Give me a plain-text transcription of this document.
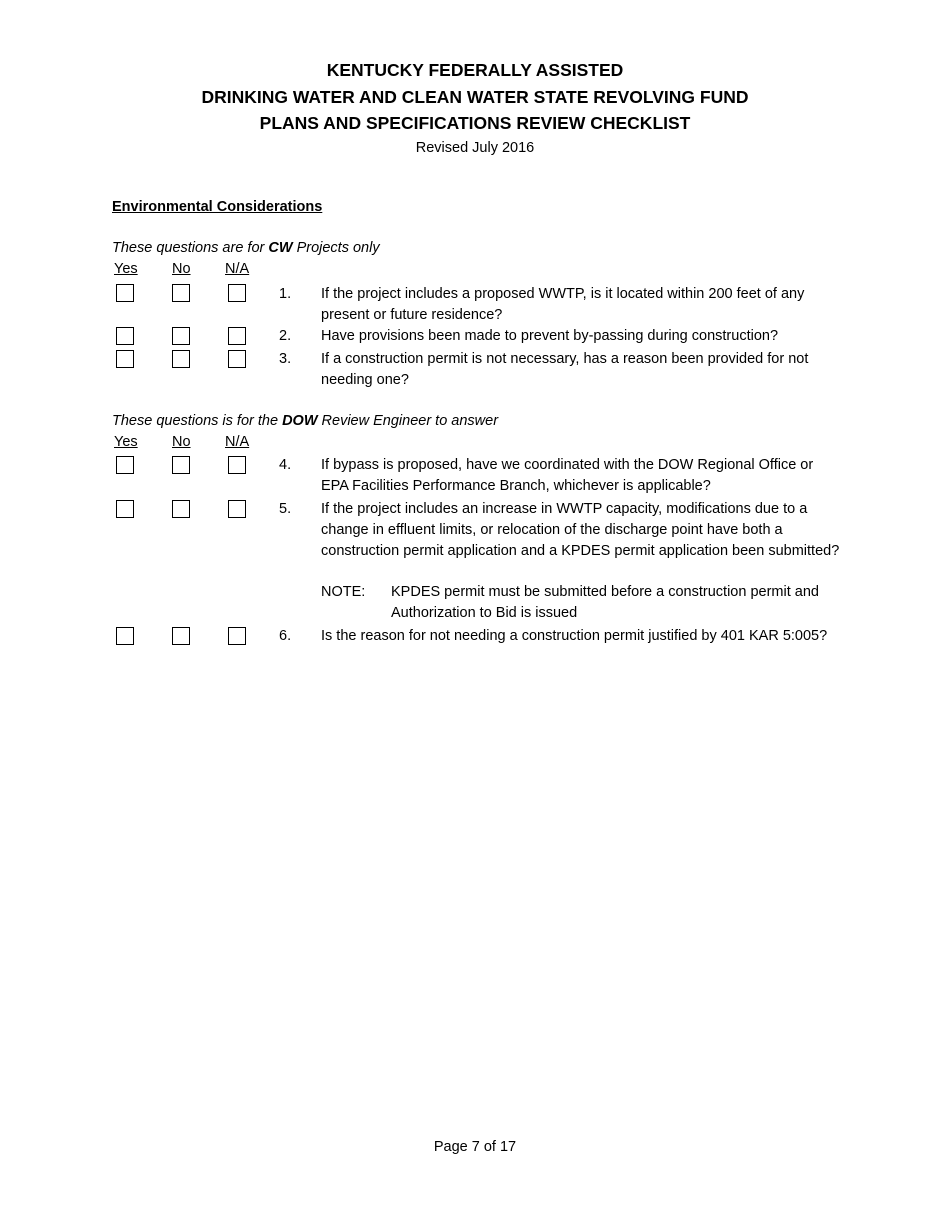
KENTUCKY FEDERALLY ASSISTED
DRINKING WATER AND CLEAN WATER STATE REVOLVING FUND
PLANS AND SPECIFICATIONS REVIEW CHECKLIST
Revised July 2016
Environmental Considerations
These questions are for CW Projects only
Yes No N/A
1. If the project includes a proposed WWTP, is it located within 200 feet of any present or future residence?
2. Have provisions been made to prevent by-passing during construction?
3. If a construction permit is not necessary, has a reason been provided for not needing one?
These questions is for the DOW Review Engineer to answer
Yes No N/A
4. If bypass is proposed, have we coordinated with the DOW Regional Office or EPA Facilities Performance Branch, whichever is applicable?
5. If the project includes an increase in WWTP capacity, modifications due to a change in effluent limits, or relocation of the discharge point have both a construction permit application and a KPDES permit application been submitted?
NOTE: KPDES permit must be submitted before a construction permit and Authorization to Bid is issued
6. Is the reason for not needing a construction permit justified by 401 KAR 5:005?
Page 7 of 17
